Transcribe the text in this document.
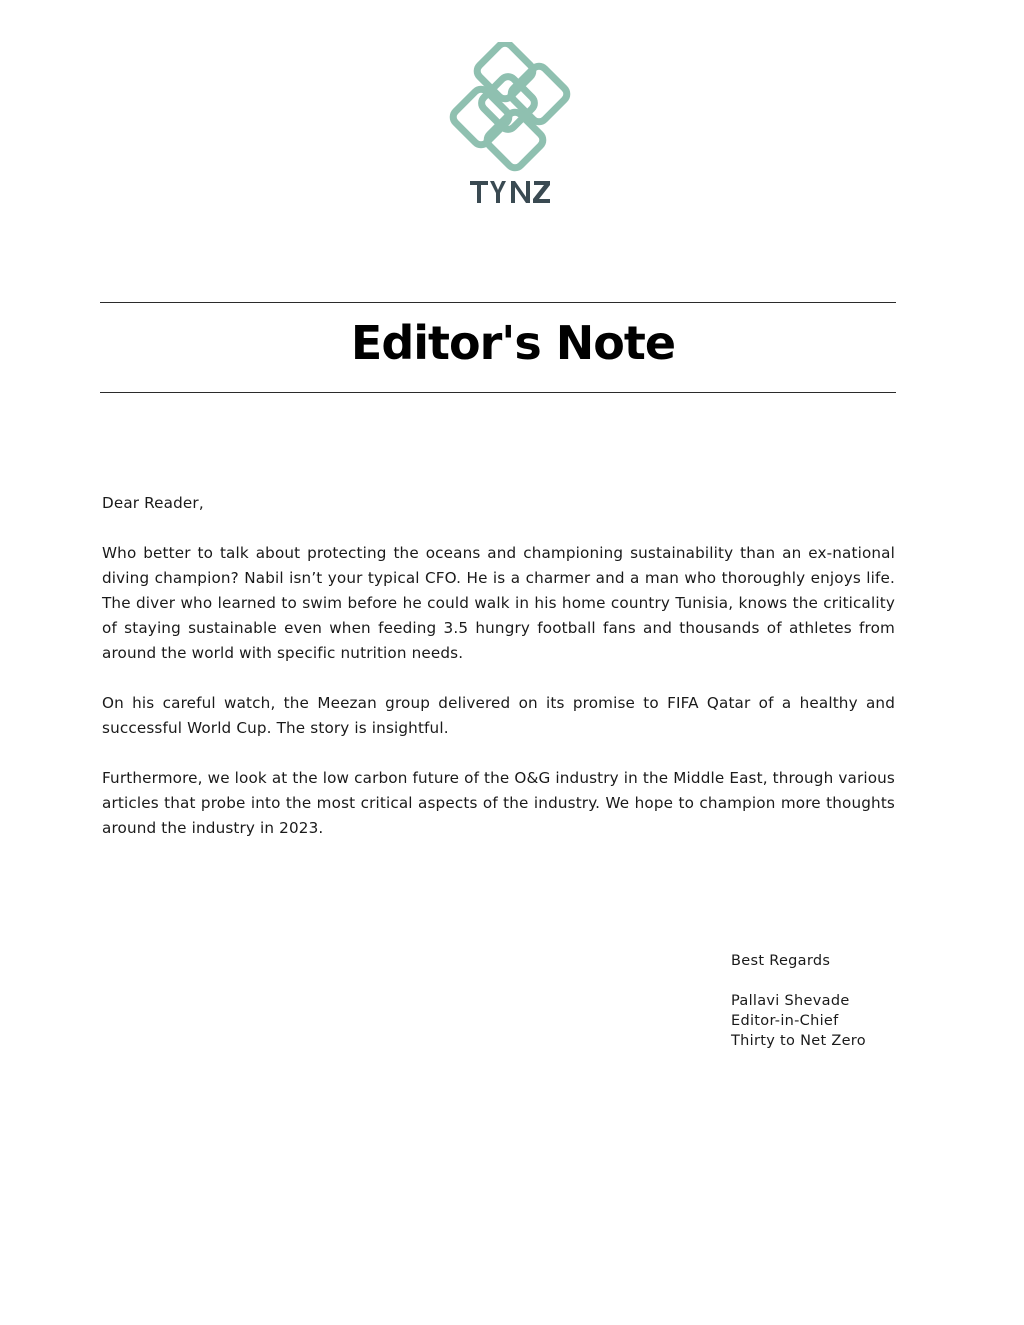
Editor's Note

Dear Reader,

Who better to talk about protecting the oceans and championing sustainability than an ex-national diving champion? Nabil isn’t your typical CFO. He is a charmer and a man who thoroughly enjoys life. The diver who learned to swim before he could walk in his home country Tunisia, knows the criticality of staying sustainable even when feeding 3.5 hungry football fans and thousands of athletes from around the world with specific nutrition needs.

On his careful watch, the Meezan group delivered on its promise to FIFA Qatar of a healthy and successful World Cup. The story is insightful.

Furthermore, we look at the low carbon future of the O&G industry in the Middle East, through various articles that probe into the most critical aspects of the industry. We hope to champion more thoughts around the industry in 2023.

Best Regards
Pallavi Shevade
Editor-in-Chief
Thirty to Net Zero
